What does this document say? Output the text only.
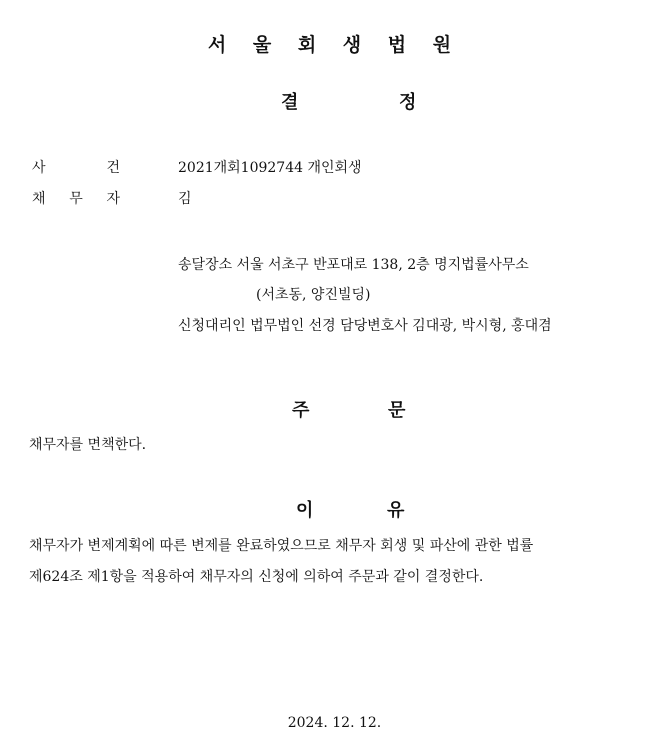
서 울 회 생 법 원
결	정
사	건	2021개회1092744 개인회생
채 무 자	김
송달장소 서울 서초구 반포대로 138, 2층 명지법률사무소
(서초동, 양진빌딩)
신청대리인 법무법인 선경 담당변호사 김대광, 박시형, 홍대겸
주	문
채무자를 면책한다.
이	유
채무자가 변제계획에 따른 변제를 완료하였으므로 채무자 회생 및 파산에 관한 법률
제624조 제1항을 적용하여 채무자의 신청에 의하여 주문과 같이 결정한다.
2024. 12. 12.
